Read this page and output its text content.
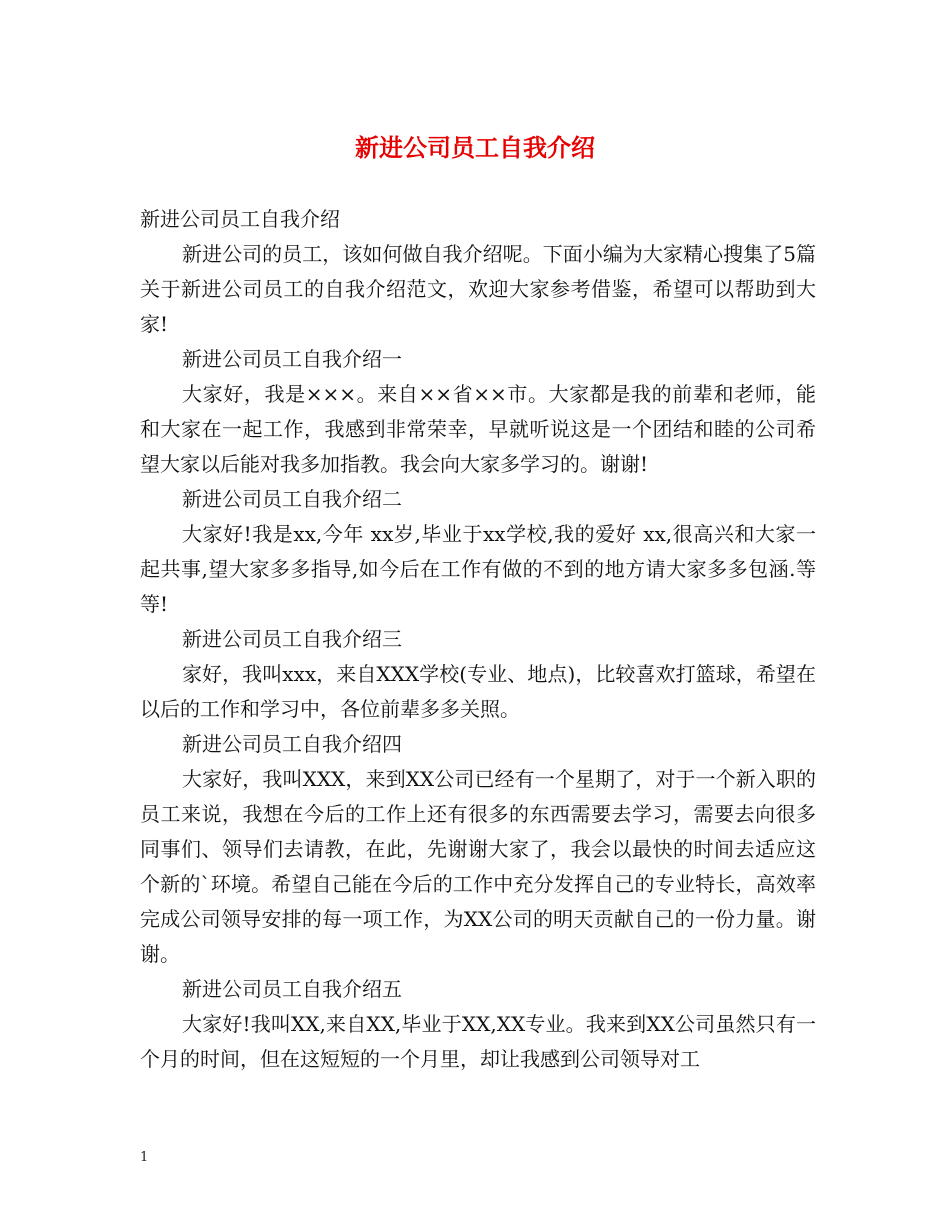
新进公司员工自我介绍

新进公司员工自我介绍

新进公司的员工，该如何做自我介绍呢。下面小编为大家精心搜集了5篇关于新进公司员工的自我介绍范文，欢迎大家参考借鉴，希望可以帮助到大家!

新进公司员工自我介绍一

大家好，我是×××。来自××省××市。大家都是我的前辈和老师，能和大家在一起工作，我感到非常荣幸，早就听说这是一个团结和睦的公司希望大家以后能对我多加指教。我会向大家多学习的。谢谢!

新进公司员工自我介绍二

大家好!我是xx,今年 xx岁,毕业于xx学校,我的爱好 xx,很高兴和大家一起共事,望大家多多指导,如今后在工作有做的不到的地方请大家多多包涵.等等!

新进公司员工自我介绍三

家好，我叫xxx，来自XXX学校(专业、地点)，比较喜欢打篮球，希望在以后的工作和学习中，各位前辈多多关照。

新进公司员工自我介绍四

大家好，我叫XXX，来到XX公司已经有一个星期了，对于一个新入职的员工来说，我想在今后的工作上还有很多的东西需要去学习，需要去向很多同事们、领导们去请教，在此，先谢谢大家了，我会以最快的时间去适应这个新的`环境。希望自己能在今后的工作中充分发挥自己的专业特长，高效率完成公司领导安排的每一项工作，为XX公司的明天贡献自己的一份力量。谢谢。

新进公司员工自我介绍五

大家好!我叫XX,来自XX,毕业于XX,XX专业。我来到XX公司虽然只有一个月的时间，但在这短短的一个月里，却让我感到公司领导对工

1
